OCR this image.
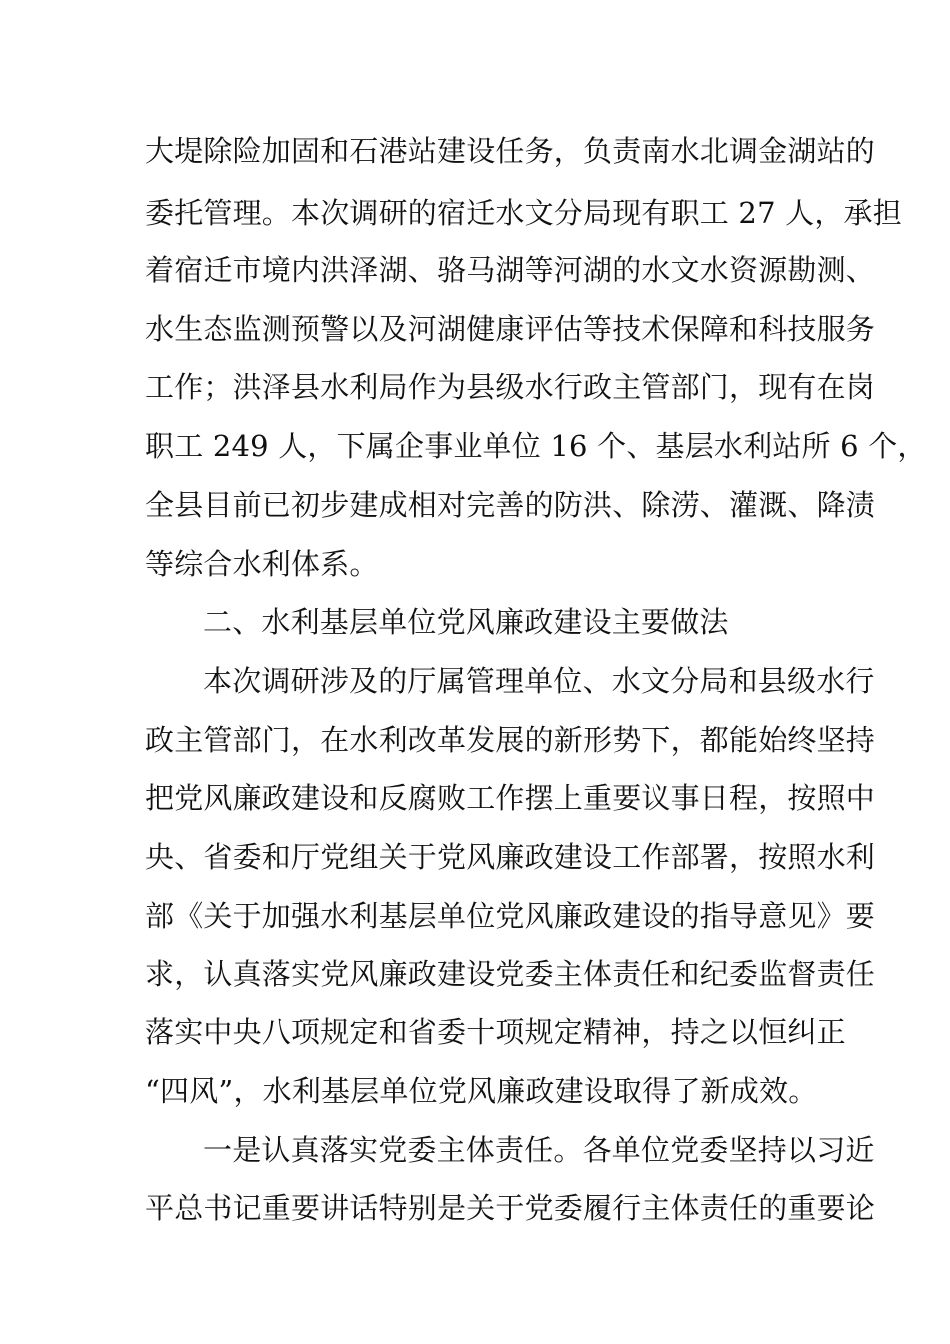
大堤除险加固和石港站建设任务，负责南水北调金湖站的
委托管理。本次调研的宿迁水文分局现有职工 27 人，承担
着宿迁市境内洪泽湖、骆马湖等河湖的水文水资源勘测、
水生态监测预警以及河湖健康评估等技术保障和科技服务
工作；洪泽县水利局作为县级水行政主管部门，现有在岗
职工 249 人，下属企事业单位 16 个、基层水利站所 6 个，
全县目前已初步建成相对完善的防洪、除涝、灌溉、降渍
等综合水利体系。
二、水利基层单位党风廉政建设主要做法
本次调研涉及的厅属管理单位、水文分局和县级水行
政主管部门，在水利改革发展的新形势下，都能始终坚持
把党风廉政建设和反腐败工作摆上重要议事日程，按照中
央、省委和厅党组关于党风廉政建设工作部署，按照水利
部《关于加强水利基层单位党风廉政建设的指导意见》要
求，认真落实党风廉政建设党委主体责任和纪委监督责任
落实中央八项规定和省委十项规定精神，持之以恒纠正
“四风”，水利基层单位党风廉政建设取得了新成效。
一是认真落实党委主体责任。各单位党委坚持以习近
平总书记重要讲话特别是关于党委履行主体责任的重要论
